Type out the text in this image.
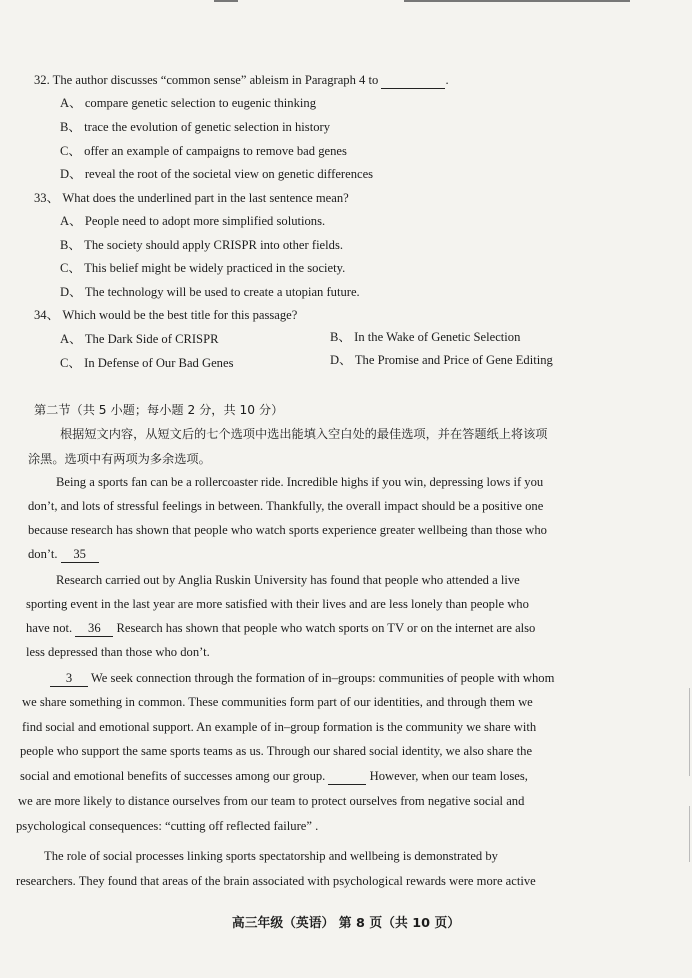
32. The author discusses “common sense” ableism in Paragraph 4 to	.
A、 compare genetic selection to eugenic thinking
B、 trace the evolution of genetic selection in history
C、 offer an example of campaigns to remove bad genes
D、 reveal the root of the societal view on genetic differences
33、 What does the underlined part in the last sentence mean?
A、 People need to adopt more simplified solutions.
B、 The society should apply CRISPR into other fields.
C、 This belief might be widely practiced in the society.
D、 The technology will be used to create a utopian future.
34、 Which would be the best title for this passage?
A、 The Dark Side of CRISPR	B、 In the Wake of Genetic Selection
C、 In Defense of Our Bad Genes	D、 The Promise and Price of Gene Editing
第二节（共 5 小题；每小题 2 分，共 10 分）
根据短文内容，从短文后的七个选项中选出能填入空白处的最佳选项，并在答题纸上将该项
涂黑。选项中有两项为多余选项。
Being a sports fan can be a rollercoaster ride. Incredible highs if you win, depressing lows if you
don’t, and lots of stressful feelings in between. Thankfully, the overall impact should be a positive one
because research has shown that people who watch sports experience greater wellbeing than those who
don’t. 35
Research carried out by Anglia Ruskin University has found that people who attended a live
sporting event in the last year are more satisfied with their lives and are less lonely than people who
have not. 36 Research has shown that people who watch sports on TV or on the internet are also
less depressed than those who don’t.
3 We seek connection through the formation of in–groups: communities of people with whom
we share something in common. These communities form part of our identities, and through them we
find social and emotional support. An example of in–group formation is the community we share with
people who support the same sports teams as us. Through our shared social identity, we also share the
social and emotional benefits of successes among our group.	However, when our team loses,
we are more likely to distance ourselves from our team to protect ourselves from negative social and
psychological consequences: “cutting off reflected failure” .
The role of social processes linking sports spectatorship and wellbeing is demonstrated by
researchers. They found that areas of the brain associated with psychological rewards were more active
高三年级（英语） 第 8 页（共 10 页）
